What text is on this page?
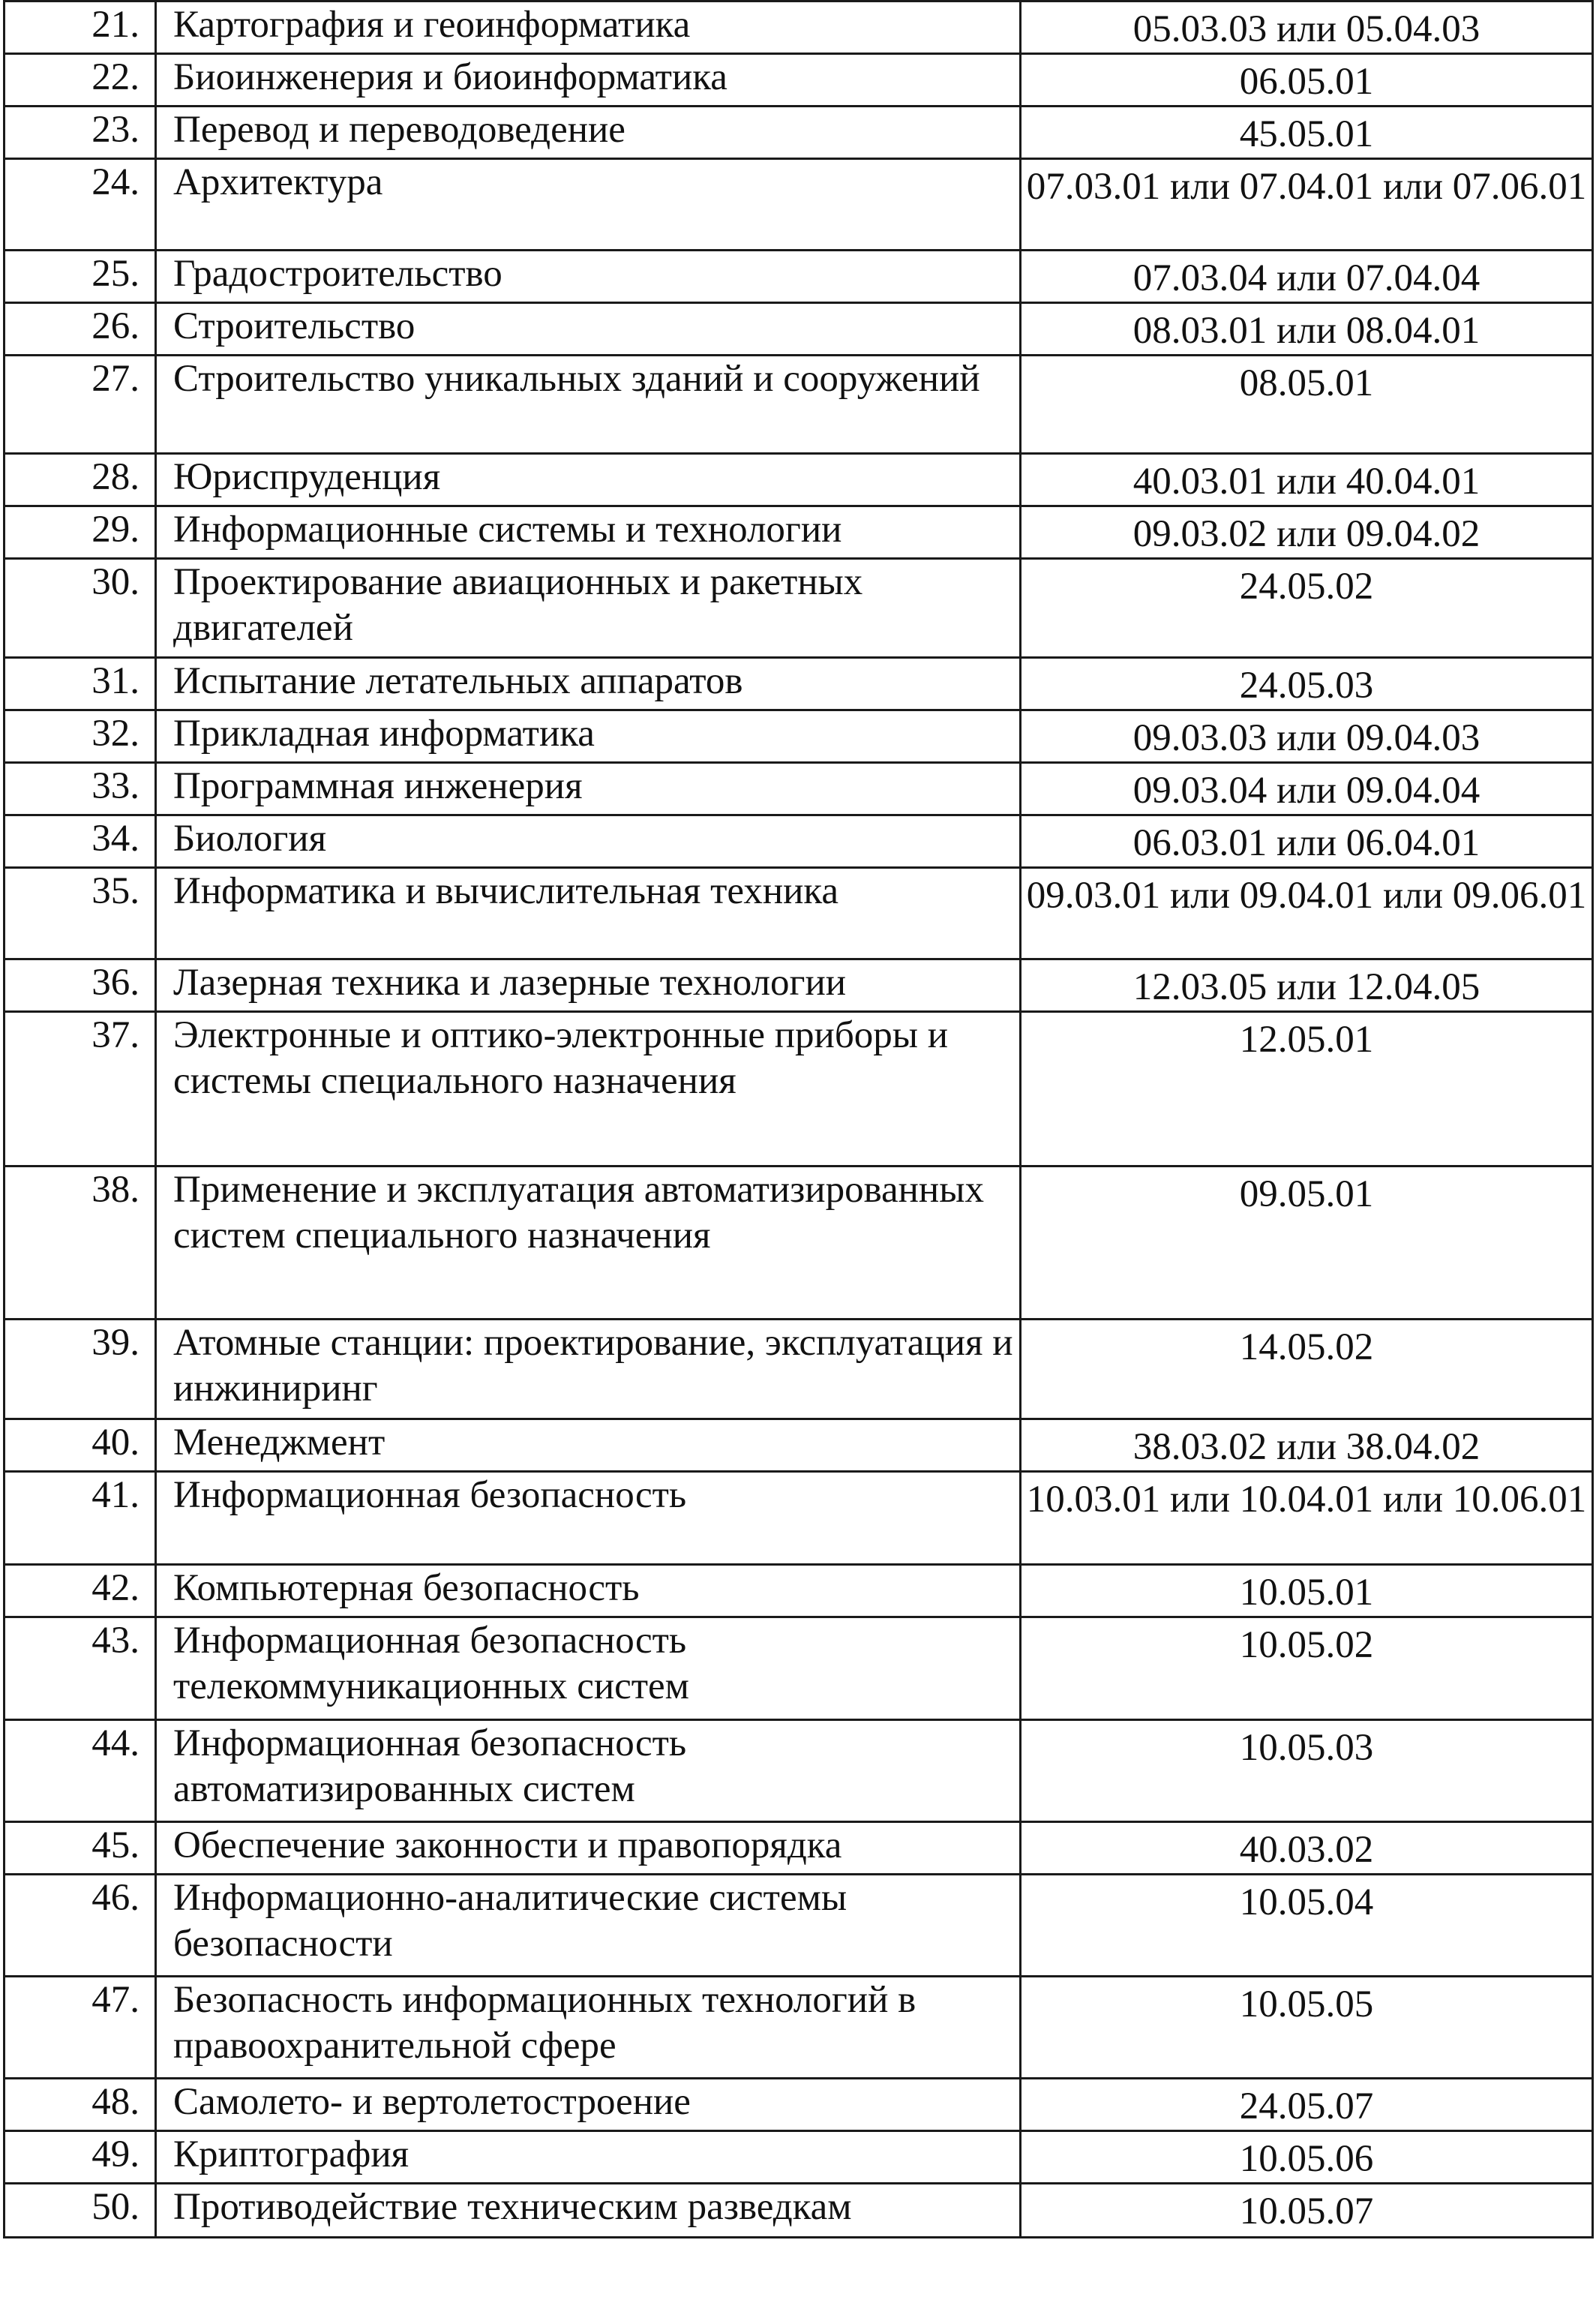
21.	Картография и геоинформатика	05.03.03 или 05.04.03

22.	Биоинженерия и биоинформатика	06.05.01

23.	Перевод и переводоведение	45.05.01

24.	Архитектура	07.03.01 или 07.04.01 или 07.06.01

25.	Градостроительство	07.03.04 или 07.04.04

26.	Строительство	08.03.01 или 08.04.01

27.	Строительство уникальных зданий и сооружений	08.05.01

28.	Юриспруденция	40.03.01 или 40.04.01

29.	Информационные системы и технологии	09.03.02 или 09.04.02

30.	Проектирование авиационных и ракетных двигателей	24.05.02

31.	Испытание летательных аппаратов	24.05.03

32.	Прикладная информатика	09.03.03 или 09.04.03

33.	Программная инженерия	09.03.04 или 09.04.04

34.	Биология	06.03.01 или 06.04.01

35.	Информатика и вычислительная техника	09.03.01 или 09.04.01 или 09.06.01

36.	Лазерная техника и лазерные технологии	12.03.05 или 12.04.05

37.	Электронные и оптико-электронные приборы и системы специального назначения	12.05.01

38.	Применение и эксплуатация автоматизированных систем специального назначения	09.05.01

39.	Атомные станции: проектирование, эксплуатация и инжиниринг	14.05.02

40.	Менеджмент	38.03.02 или 38.04.02

41.	Информационная безопасность	10.03.01 или 10.04.01 или 10.06.01

42.	Компьютерная безопасность	10.05.01

43.	Информационная безопасность телекоммуникационных систем	10.05.02

44.	Информационная безопасность автоматизированных систем	10.05.03

45.	Обеспечение законности и правопорядка	40.03.02

46.	Информационно-аналитические системы безопасности	10.05.04

47.	Безопасность информационных технологий в правоохранительной сфере	10.05.05

48.	Самолето- и вертолетостроение	24.05.07

49.	Криптография	10.05.06

50.	Противодействие техническим разведкам	10.05.07
